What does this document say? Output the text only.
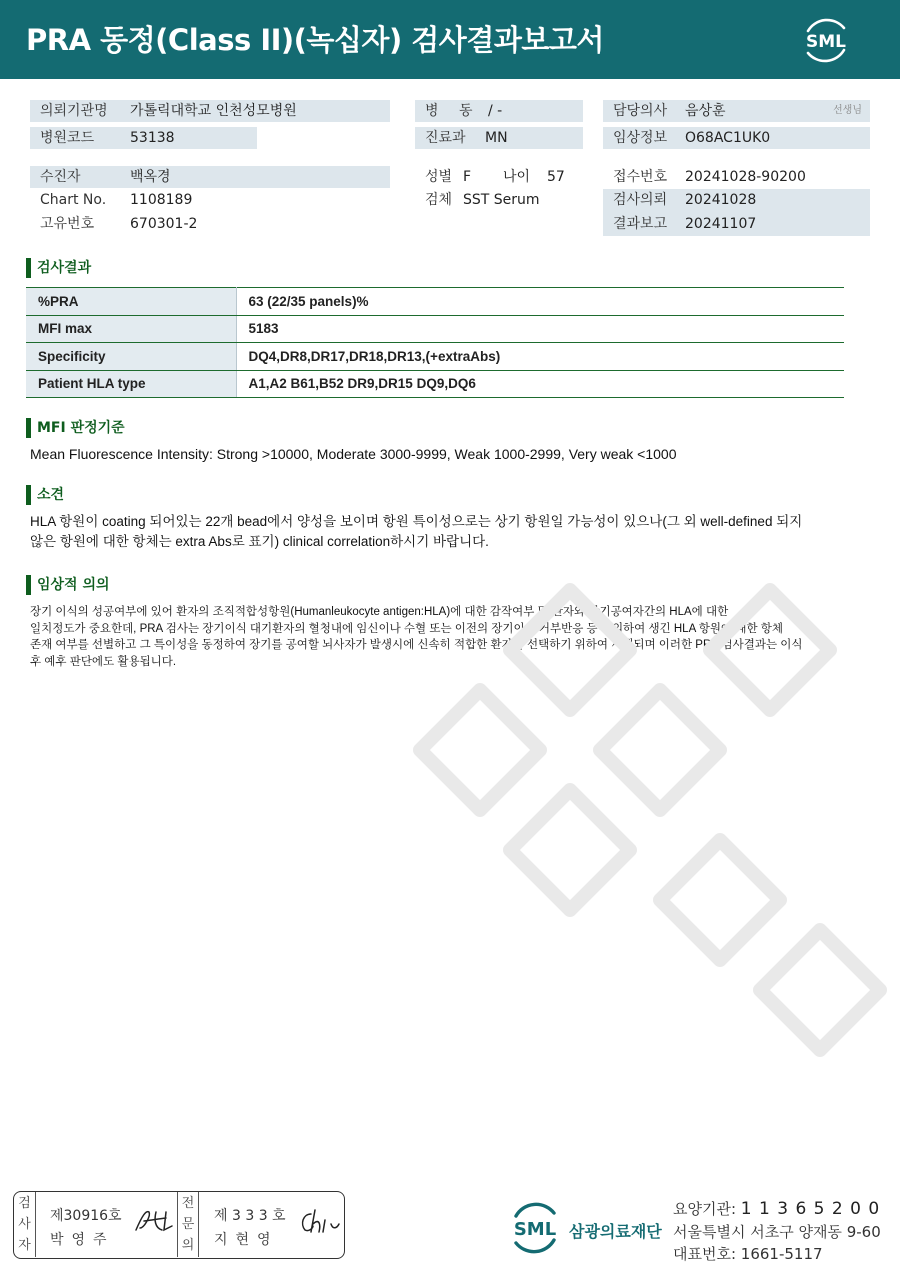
PRA 동정(Class II)(녹십자) 검사결과보고서	SML
의뢰기관명 가톨릭대학교 인천성모병원
병원코드	53138
수진자	백옥경
Chart No. 1108189
고유번호	670301-2
병 동 / -
진료과 MN
성별 F 나이 57
검체 SST Serum
담당의사 음상훈	선생님
임상정보 O68AC1UK0
접수번호 20241028-90200
검사의뢰 20241028
결과보고 20241107
검사결과
%PRA	63 (22/35 panels)%
MFI max	5183
Specificity	DQ4,DR8,DR17,DR18,DR13,(+extraAbs)
Patient HLA type	A1,A2 B61,B52 DR9,DR15 DQ9,DQ6
MFI 판정기준
Mean Fluorescence Intensity: Strong >10000, Moderate 3000-9999, Weak 1000-2999, Very weak <1000
소견
HLA 항원이 coating 되어있는 22개 bead에서 양성을 보이며 항원 특이성으로는 상기 항원일 가능성이 있으나(그 외 well-defined 되지
않은 항원에 대한 항체는 extra Abs로 표기) clinical correlation하시기 바랍니다.
임상적 의의
장기 이식의 성공여부에 있어 환자의 조직적합성항원(Humanleukocyte antigen:HLA)에 대한 감작여부 및 환자와 장기공여자간의 HLA에 대한
일치정도가 중요한데, PRA 검사는 장기이식 대기환자의 혈청내에 임신이나 수혈 또는 이전의 장기이식 거부반응 등에 의하여 생긴 HLA 항원에 대한 항체
존재 여부를 선별하고 그 특이성을 동정하여 장기를 공여할 뇌사자가 발생시에 신속히 적합한 환자를 선택하기 위하여 시행되며 이러한 PRA 검사결과는 이식
후 예후 판단에도 활용됩니다.
검
사
자
제30916호
박영주
전
문
의
제 3 3 3 호
지현영	SML 삼광의료재단
요양기관: 1 1 3 6 5 2 0 0
서울특별시 서초구 양재동 9-60
대표번호: 1661-5117
